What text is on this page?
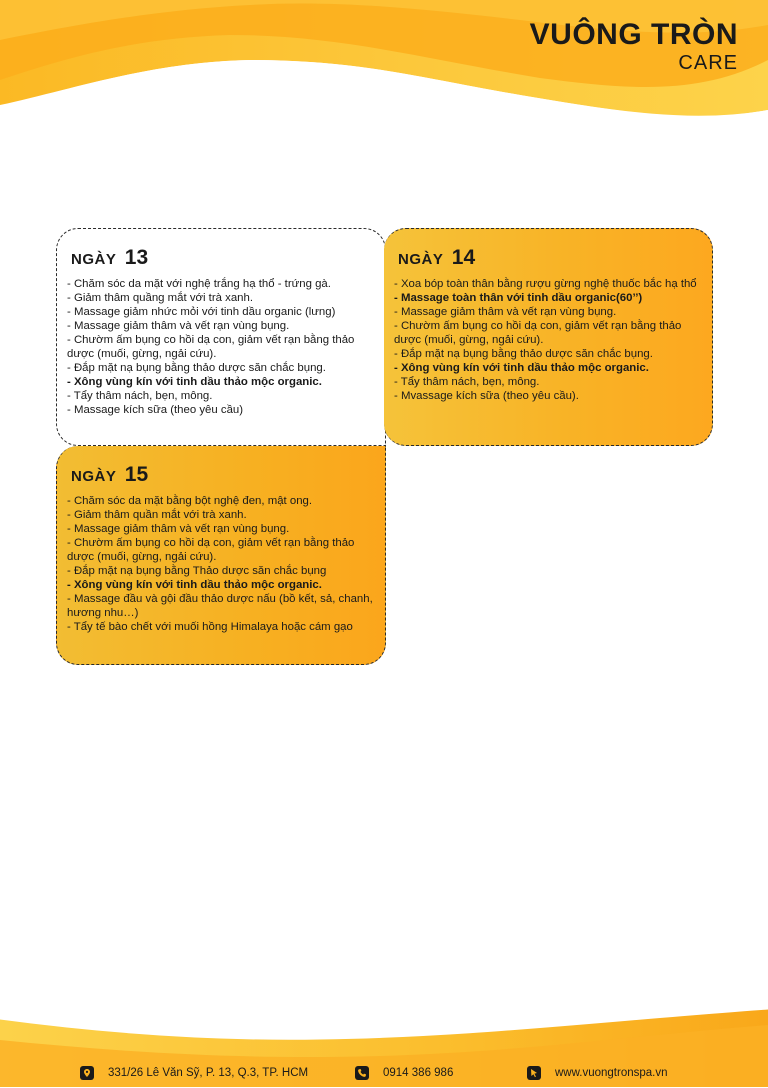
VUÔNG TRÒN
CARE
NGÀY 13
- Chăm sóc da mặt với nghệ trắng hạ thổ - trứng gà.
- Giảm thâm quầng mắt với trà xanh.
- Massage giảm nhức mỏi với tinh dầu organic (lưng)
- Massage giảm thâm và vết rạn vùng bụng.
- Chườm ấm bụng co hồi dạ con, giảm vết rạn bằng thảo dược (muối, gừng, ngải cứu).
- Đắp mặt nạ bụng bằng thảo dược săn chắc bụng.
- Xông vùng kín với tinh dầu thảo mộc organic.
- Tẩy thâm nách, bẹn, mông.
- Massage kích sữa (theo yêu cầu)
NGÀY 14
- Xoa bóp toàn thân bằng rượu gừng nghệ thuốc bắc hạ thổ
- Massage toàn thân với tinh dầu organic(60’’)
- Massage giảm thâm và vết rạn vùng bụng.
- Chườm ấm bụng co hồi dạ con, giảm vết rạn bằng thảo dược (muối, gừng, ngải cứu).
- Đắp mặt nạ bụng bằng thảo dược săn chắc bụng.
- Xông vùng kín với tinh dầu thảo mộc organic.
- Tẩy thâm nách, bẹn, mông.
- Mvassage kích sữa (theo yêu cầu).
NGÀY 15
- Chăm sóc da mặt bằng bột nghệ đen, mật ong.
- Giảm thâm quần mắt với trà xanh.
- Massage giảm thâm và vết rạn vùng bụng.
- Chườm ấm bụng co hồi dạ con, giảm vết rạn bằng thảo dược (muối, gừng, ngải cứu).
- Đắp mặt nạ bụng bằng Thảo dược săn chắc bụng
- Xông vùng kín với tinh dầu thảo mộc organic.
- Massage đầu và gội đầu thảo dược nấu (bồ kết, sả, chanh, hương nhu…)
- Tẩy tế bào chết với muối hồng Himalaya hoặc cám gạo
331/26 Lê Văn Sỹ, P. 13, Q.3, TP. HCM	0914 386 986	www.vuongtronspa.vn
